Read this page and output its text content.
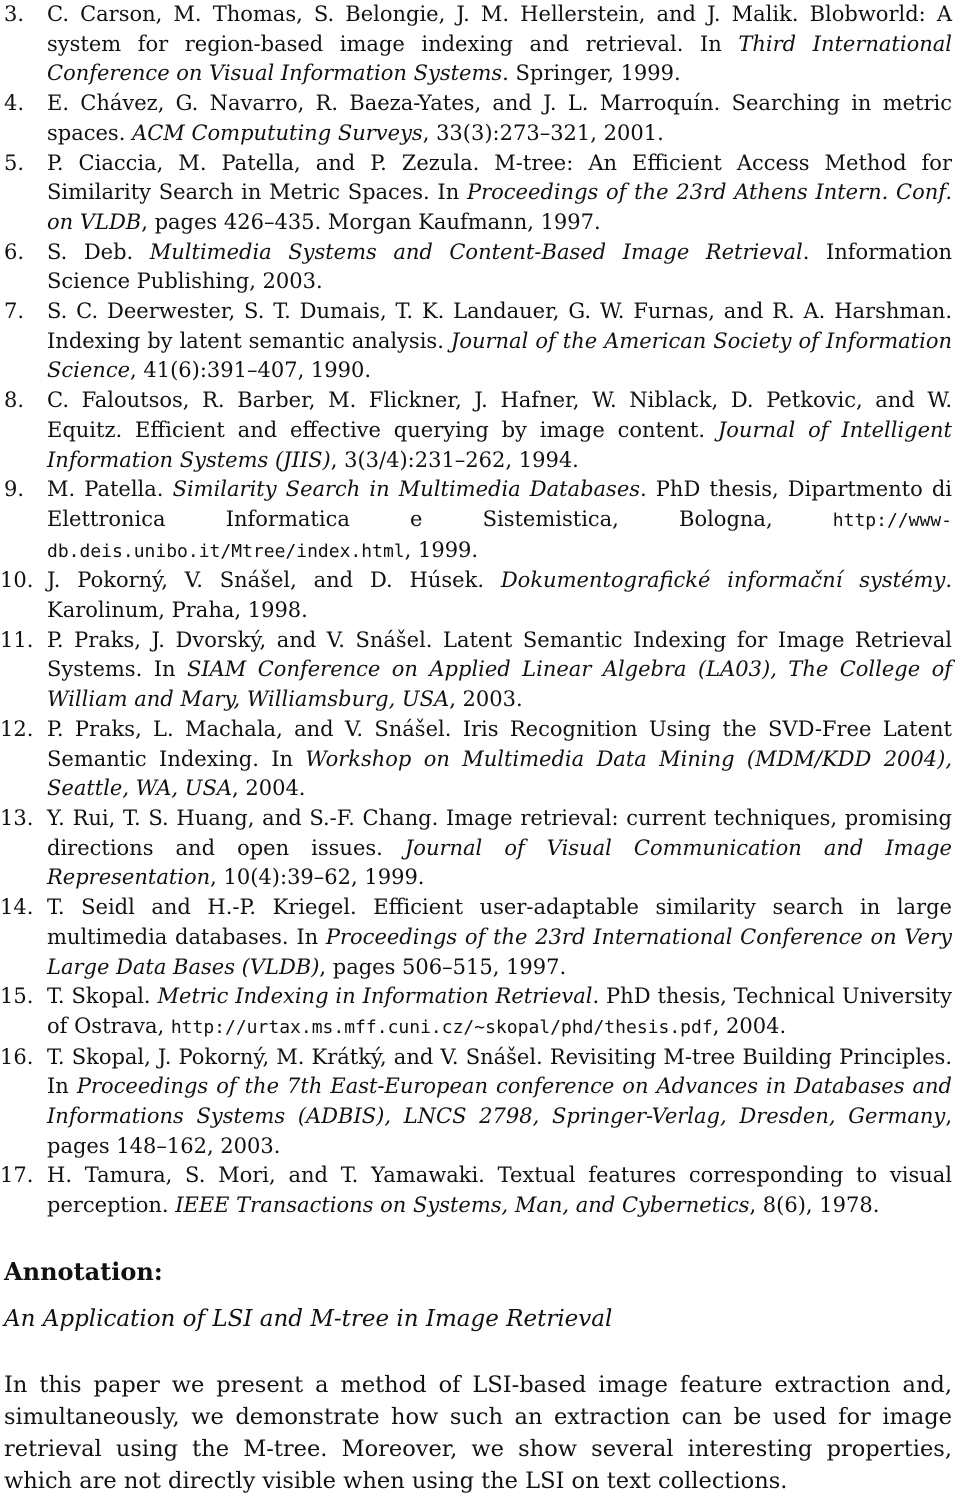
3.	C. Carson, M. Thomas, S. Belongie, J. M. Hellerstein, and J. Malik. Blobworld: A system for region-based image indexing and retrieval. In Third International Conference on Visual Information Systems. Springer, 1999.
4.	E. Chávez, G. Navarro, R. Baeza-Yates, and J. L. Marroquín. Searching in metric spaces. ACM Compututing Surveys, 33(3):273–321, 2001.
5.	P. Ciaccia, M. Patella, and P. Zezula. M-tree: An Efficient Access Method for Similarity Search in Metric Spaces. In Proceedings of the 23rd Athens Intern. Conf. on VLDB, pages 426–435. Morgan Kaufmann, 1997.
6.	S. Deb. Multimedia Systems and Content-Based Image Retrieval. Information Science Publishing, 2003.
7.	S. C. Deerwester, S. T. Dumais, T. K. Landauer, G. W. Furnas, and R. A. Harshman. Indexing by latent semantic analysis. Journal of the American Society of Information Science, 41(6):391–407, 1990.
8.	C. Faloutsos, R. Barber, M. Flickner, J. Hafner, W. Niblack, D. Petkovic, and W. Equitz. Efficient and effective querying by image content. Journal of Intelligent Information Systems (JIIS), 3(3/4):231–262, 1994.
9.	M. Patella. Similarity Search in Multimedia Databases. PhD thesis, Dipartmento di Elettronica Informatica e Sistemistica, Bologna, http://www-db.deis.unibo.it/Mtree/index.html, 1999.
10. J. Pokorný, V. Snášel, and D. Húsek. Dokumentografické informační systémy. Karolinum, Praha, 1998.
11. P. Praks, J. Dvorský, and V. Snášel. Latent Semantic Indexing for Image Retrieval Systems. In SIAM Conference on Applied Linear Algebra (LA03), The College of William and Mary, Williamsburg, USA, 2003.
12. P. Praks, L. Machala, and V. Snášel. Iris Recognition Using the SVD-Free Latent Semantic Indexing. In Workshop on Multimedia Data Mining (MDM/KDD 2004), Seattle, WA, USA, 2004.
13. Y. Rui, T. S. Huang, and S.-F. Chang. Image retrieval: current techniques, promising directions and open issues. Journal of Visual Communication and Image Representation, 10(4):39–62, 1999.
14. T. Seidl and H.-P. Kriegel. Efficient user-adaptable similarity search in large multimedia databases. In Proceedings of the 23rd International Conference on Very Large Data Bases (VLDB), pages 506–515, 1997.
15. T. Skopal. Metric Indexing in Information Retrieval. PhD thesis, Technical University of Ostrava, http://urtax.ms.mff.cuni.cz/~skopal/phd/thesis.pdf, 2004.
16. T. Skopal, J. Pokorný, M. Krátký, and V. Snášel. Revisiting M-tree Building Principles. In Proceedings of the 7th East-European conference on Advances in Databases and Informations Systems (ADBIS), LNCS 2798, Springer-Verlag, Dresden, Germany, pages 148–162, 2003.
17. H. Tamura, S. Mori, and T. Yamawaki. Textual features corresponding to visual perception. IEEE Transactions on Systems, Man, and Cybernetics, 8(6), 1978.
Annotation:
An Application of LSI and M-tree in Image Retrieval
In this paper we present a method of LSI-based image feature extraction and, simultaneously, we demonstrate how such an extraction can be used for image retrieval using the M-tree. Moreover, we show several interesting properties, which are not directly visible when using the LSI on text collections.
